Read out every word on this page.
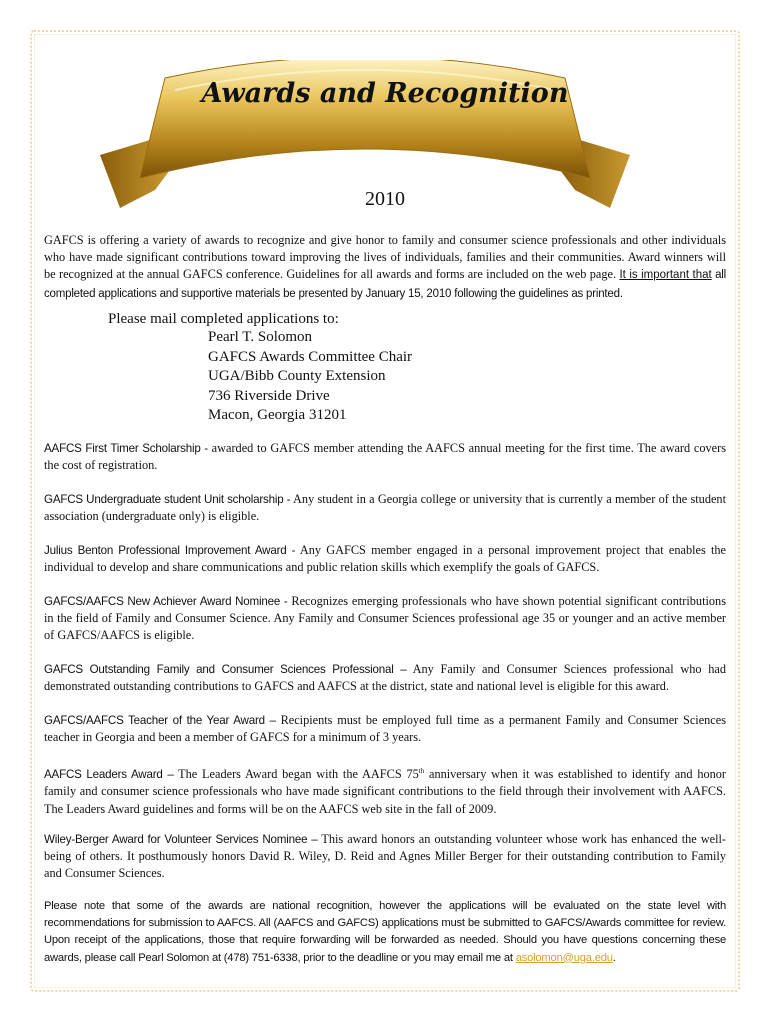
Awards and Recognition
2010

GAFCS is offering a variety of awards to recognize and give honor to family and consumer science professionals and other individuals who have made significant contributions toward improving the lives of individuals, families and their communities. Award winners will be recognized at the annual GAFCS conference. Guidelines for all awards and forms are included on the web page. It is important that all completed applications and supportive materials be presented by January 15, 2010 following the guidelines as printed.

Please mail completed applications to:
Pearl T. Solomon
GAFCS Awards Committee Chair
UGA/Bibb County Extension
736 Riverside Drive
Macon, Georgia 31201

AAFCS First Timer Scholarship - awarded to GAFCS member attending the AAFCS annual meeting for the first time. The award covers the cost of registration.

GAFCS Undergraduate student Unit scholarship - Any student in a Georgia college or university that is currently a member of the student association (undergraduate only) is eligible.

Julius Benton Professional Improvement Award - Any GAFCS member engaged in a personal improvement project that enables the individual to develop and share communications and public relation skills which exemplify the goals of GAFCS.

GAFCS/AAFCS New Achiever Award Nominee - Recognizes emerging professionals who have shown potential significant contributions in the field of Family and Consumer Science. Any Family and Consumer Sciences professional age 35 or younger and an active member of GAFCS/AAFCS is eligible.

GAFCS Outstanding Family and Consumer Sciences Professional – Any Family and Consumer Sciences professional who had demonstrated outstanding contributions to GAFCS and AAFCS at the district, state and national level is eligible for this award.

GAFCS/AAFCS Teacher of the Year Award – Recipients must be employed full time as a permanent Family and Consumer Sciences teacher in Georgia and been a member of GAFCS for a minimum of 3 years.

AAFCS Leaders Award – The Leaders Award began with the AAFCS 75th anniversary when it was established to identify and honor family and consumer science professionals who have made significant contributions to the field through their involvement with AAFCS. The Leaders Award guidelines and forms will be on the AAFCS web site in the fall of 2009.

Wiley-Berger Award for Volunteer Services Nominee – This award honors an outstanding volunteer whose work has enhanced the well-being of others. It posthumously honors David R. Wiley, D. Reid and Agnes Miller Berger for their outstanding contribution to Family and Consumer Sciences.

Please note that some of the awards are national recognition, however the applications will be evaluated on the state level with recommendations for submission to AAFCS. All (AAFCS and GAFCS) applications must be submitted to GAFCS/Awards committee for review. Upon receipt of the applications, those that require forwarding will be forwarded as needed. Should you have questions concerning these awards, please call Pearl Solomon at (478) 751-6338, prior to the deadline or you may email me at asolomon@uga.edu.
